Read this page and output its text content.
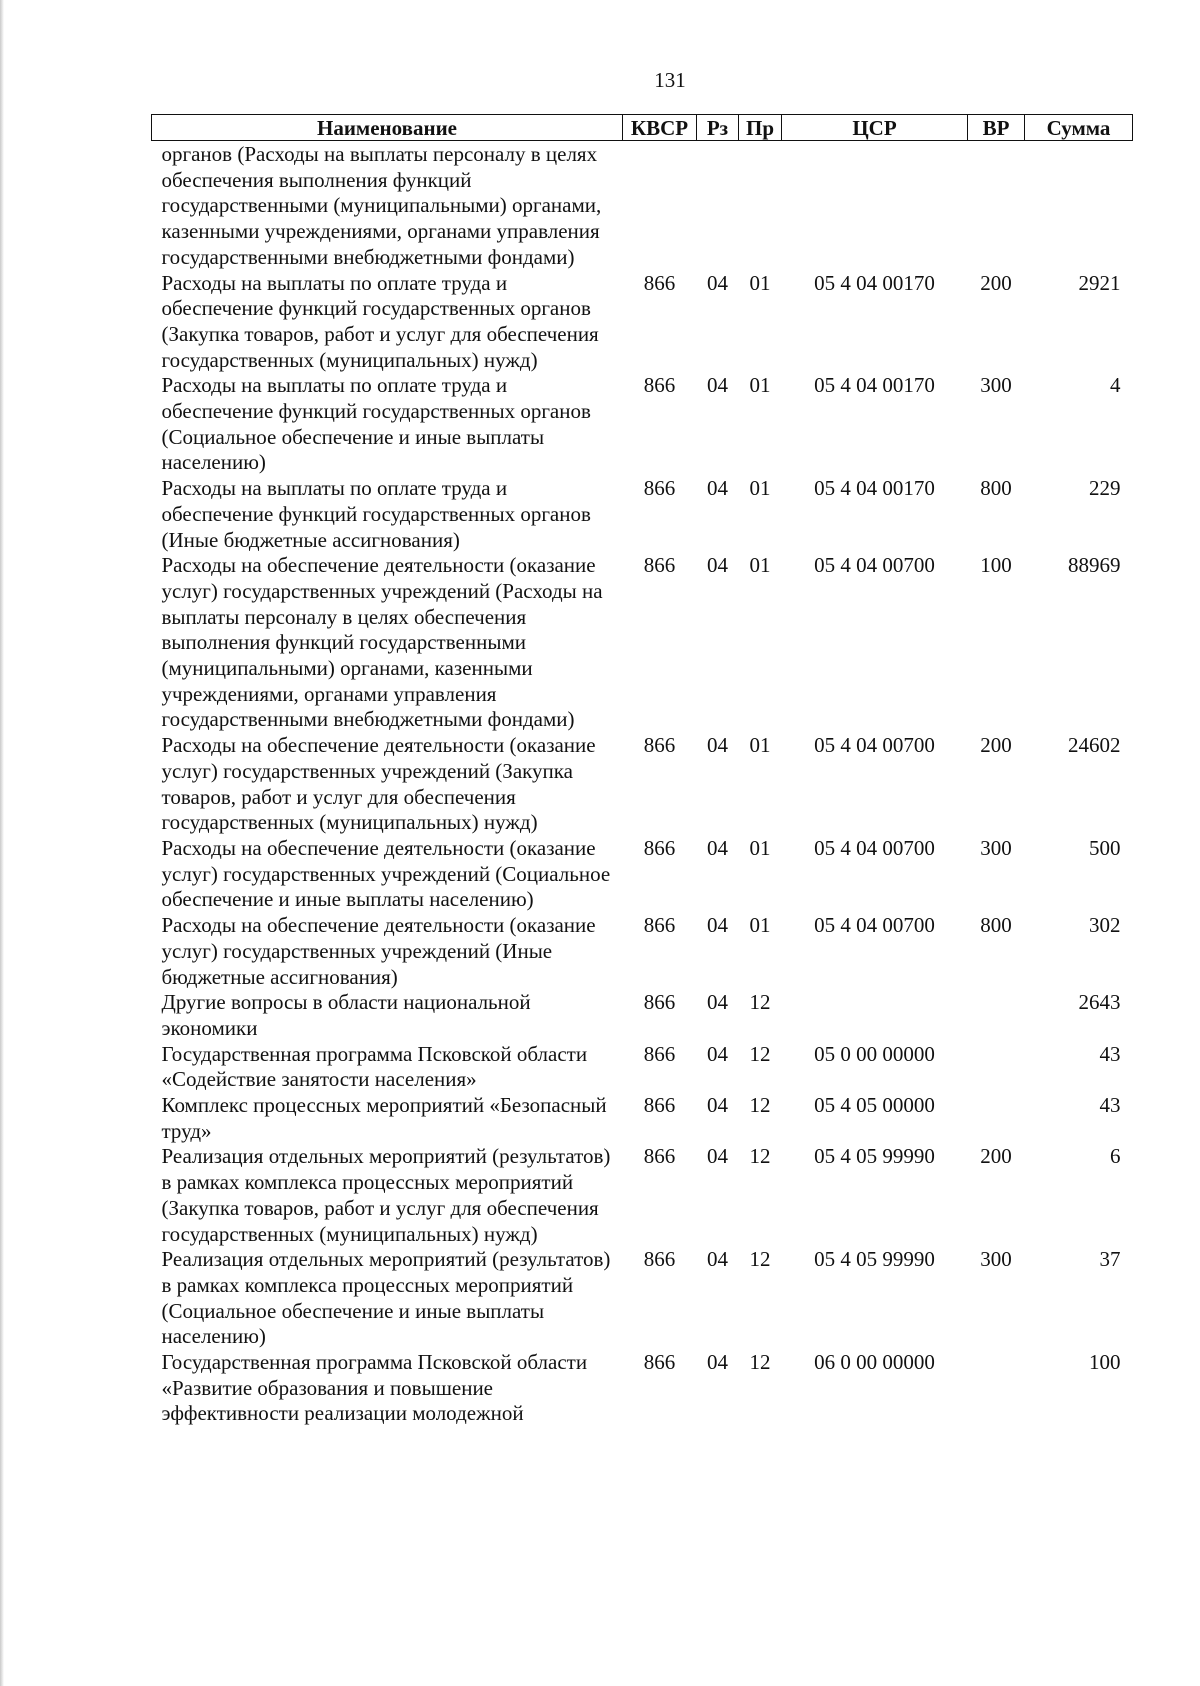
131
Наименование	КВСР	Рз	Пр	ЦСР	ВР	Сумма
органов (Расходы на выплаты персоналу в целях обеспечения выполнения функций государственными (муниципальными) органами, казенными учреждениями, органами управления государственными внебюджетными фондами)						
Расходы на выплаты по оплате труда и обеспечение функций государственных органов (Закупка товаров, работ и услуг для обеспечения государственных (муниципальных) нужд)	866	04	01	05 4 04 00170	200	2921
Расходы на выплаты по оплате труда и обеспечение функций государственных органов (Социальное обеспечение и иные выплаты населению)	866	04	01	05 4 04 00170	300	4
Расходы на выплаты по оплате труда и обеспечение функций государственных органов (Иные бюджетные ассигнования)	866	04	01	05 4 04 00170	800	229
Расходы на обеспечение деятельности (оказание услуг) государственных учреждений (Расходы на выплаты персоналу в целях обеспечения выполнения функций государственными (муниципальными) органами, казенными учреждениями, органами управления государственными внебюджетными фондами)	866	04	01	05 4 04 00700	100	88969
Расходы на обеспечение деятельности (оказание услуг) государственных учреждений (Закупка товаров, работ и услуг для обеспечения государственных (муниципальных) нужд)	866	04	01	05 4 04 00700	200	24602
Расходы на обеспечение деятельности (оказание услуг) государственных учреждений (Социальное обеспечение и иные выплаты населению)	866	04	01	05 4 04 00700	300	500
Расходы на обеспечение деятельности (оказание услуг) государственных учреждений (Иные бюджетные ассигнования)	866	04	01	05 4 04 00700	800	302
Другие вопросы в области национальной экономики	866	04	12			2643
Государственная программа Псковской области «Содействие занятости населения»	866	04	12	05 0 00 00000		43
Комплекс процессных мероприятий «Безопасный труд»	866	04	12	05 4 05 00000		43
Реализация отдельных мероприятий (результатов) в рамках комплекса процессных мероприятий (Закупка товаров, работ и услуг для обеспечения государственных (муниципальных) нужд)	866	04	12	05 4 05 99990	200	6
Реализация отдельных мероприятий (результатов) в рамках комплекса процессных мероприятий (Социальное обеспечение и иные выплаты населению)	866	04	12	05 4 05 99990	300	37
Государственная программа Псковской области «Развитие образования и повышение эффективности реализации молодежной	866	04	12	06 0 00 00000		100
